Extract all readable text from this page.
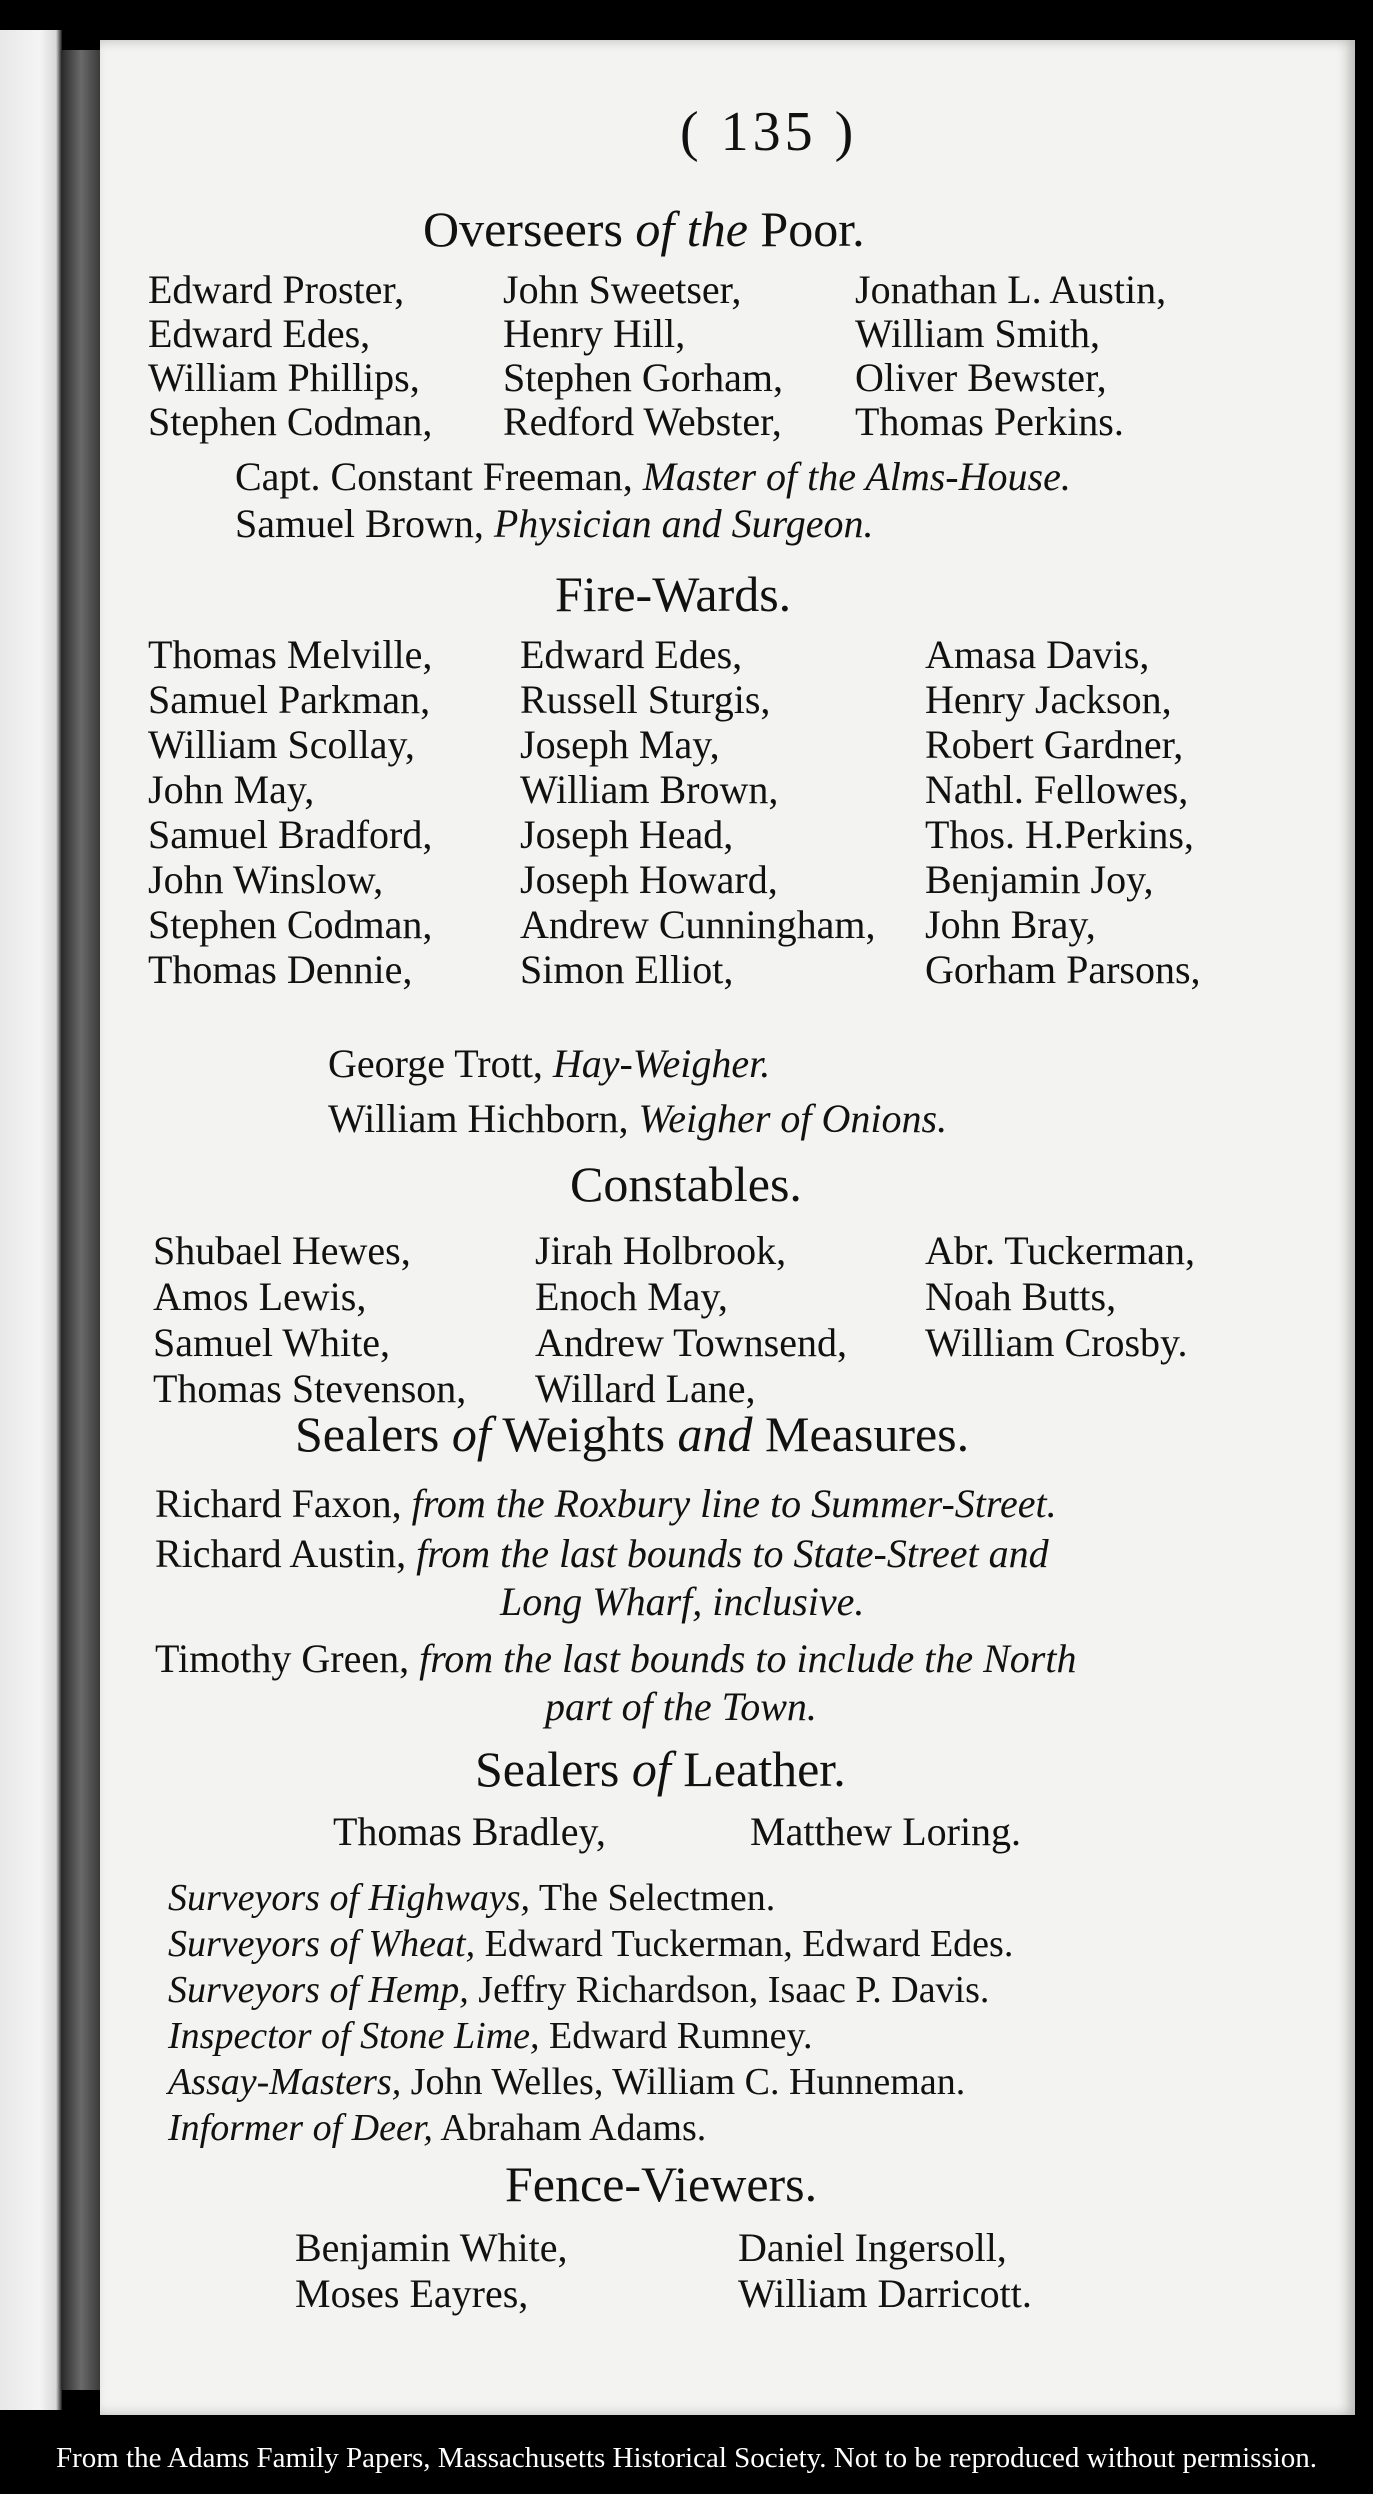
( 135 )
Overseers of the Poor.
Edward Proster,
Edward Edes,
William Phillips,
Stephen Codman,
John Sweetser,
Henry Hill,
Stephen Gorham,
Redford Webster,
Jonathan L. Austin,
William Smith,
Oliver Bewster,
Thomas Perkins.
Capt. Constant Freeman, Master of the Alms-House.
Samuel Brown, Physician and Surgeon.
Fire-Wards.
Thomas Melville,
Samuel Parkman,
William Scollay,
John May,
Samuel Bradford,
John Winslow,
Stephen Codman,
Thomas Dennie,
Edward Edes,
Russell Sturgis,
Joseph May,
William Brown,
Joseph Head,
Joseph Howard,
Andrew Cunningham,
Simon Elliot,
Amasa Davis,
Henry Jackson,
Robert Gardner,
Nathl. Fellowes,
Thos. H.Perkins,
Benjamin Joy,
John Bray,
Gorham Parsons,
George Trott, Hay-Weigher.
William Hichborn, Weigher of Onions.
Constables.
Shubael Hewes,
Amos Lewis,
Samuel White,
Thomas Stevenson,
Jirah Holbrook,
Enoch May,
Andrew Townsend,
Willard Lane,
Abr. Tuckerman,
Noah Butts,
William Crosby.
Sealers of Weights and Measures.
Richard Faxon, from the Roxbury line to Summer-Street.
Richard Austin, from the last bounds to State-Street and
Long Wharf, inclusive.
Timothy Green, from the last bounds to include the North
part of the Town.
Sealers of Leather.
Thomas Bradley,	Matthew Loring.
Surveyors of Highways, The Selectmen.
Surveyors of Wheat, Edward Tuckerman, Edward Edes.
Surveyors of Hemp, Jeffry Richardson, Isaac P. Davis.
Inspector of Stone Lime, Edward Rumney.
Assay-Masters, John Welles, William C. Hunneman.
Informer of Deer, Abraham Adams.
Fence-Viewers.
Benjamin White,
Moses Eayres,
Daniel Ingersoll,
William Darricott.
From the Adams Family Papers, Massachusetts Historical Society. Not to be reproduced without permission.
